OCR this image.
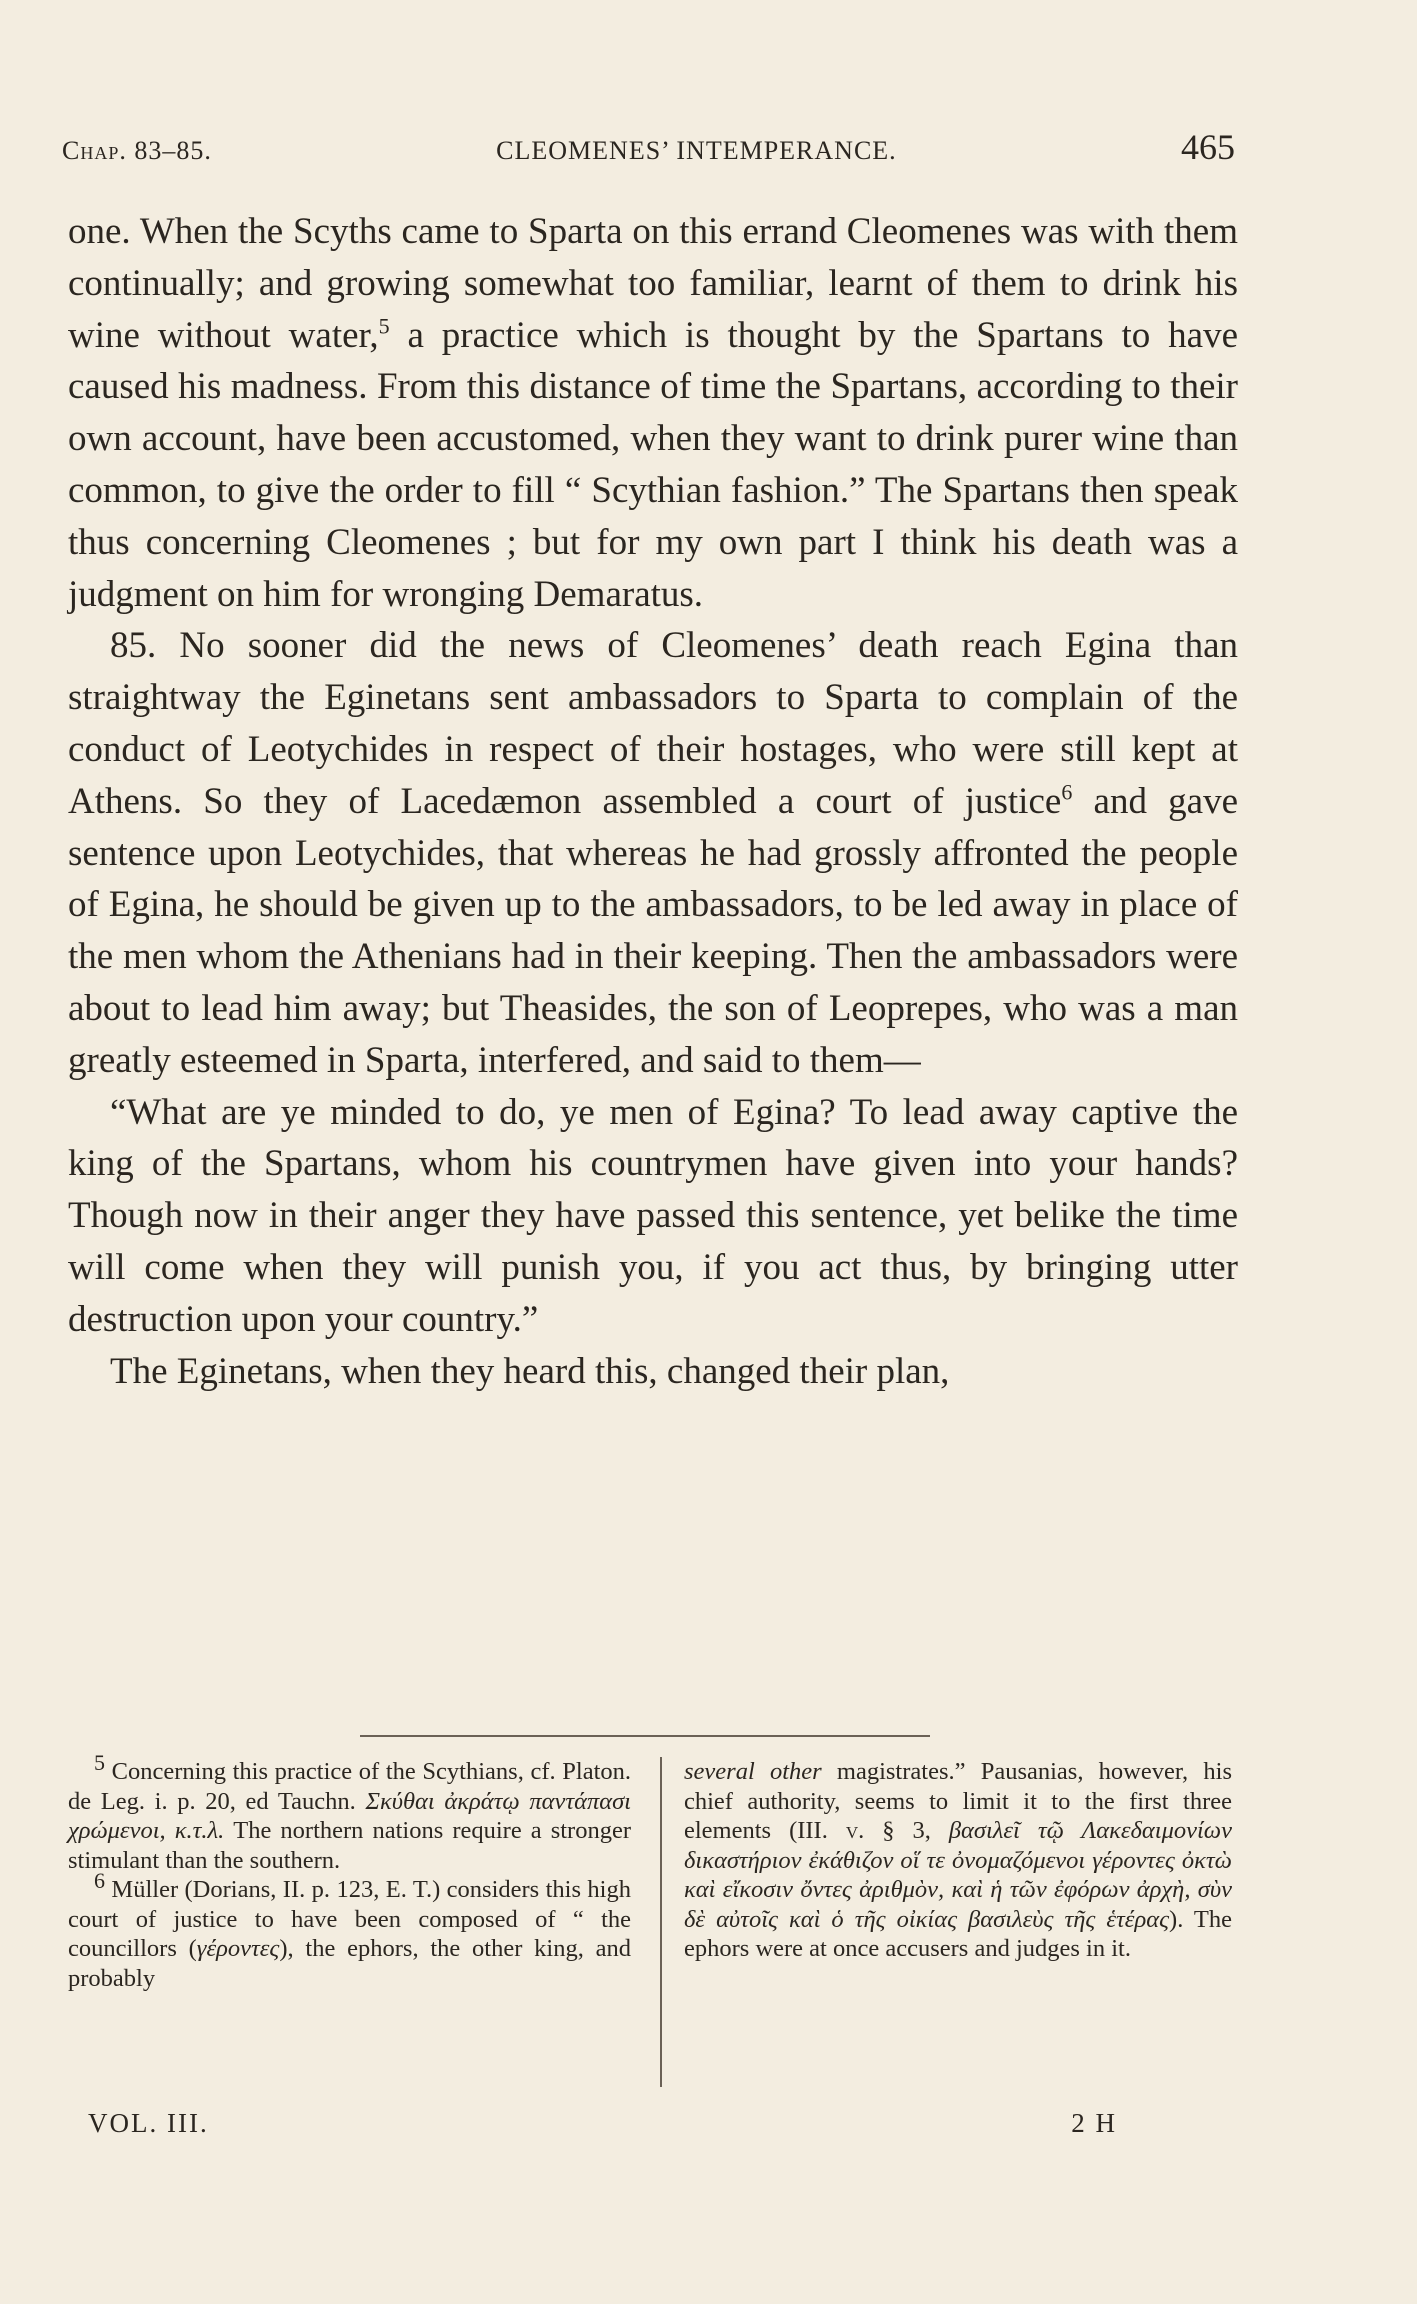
Chap. 83–85.	CLEOMENES’ INTEMPERANCE.	465

one. When the Scyths came to Sparta on this errand Cleomenes was with them continually; and growing somewhat too familiar, learnt of them to drink his wine without water,$^5$ a practice which is thought by the Spartans to have caused his madness. From this distance of time the Spartans, according to their own account, have been accustomed, when they want to drink purer wine than common, to give the order to fill “ Scythian fashion.” The Spartans then speak thus concerning Cleomenes ; but for my own part I think his death was a judgment on him for wronging Demaratus.

85. No sooner did the news of Cleomenes’ death reach Egina than straightway the Eginetans sent ambassadors to Sparta to complain of the conduct of Leotychides in respect of their hostages, who were still kept at Athens. So they of Lacedæmon assembled a court of justice$^6$ and gave sentence upon Leotychides, that whereas he had grossly affronted the people of Egina, he should be given up to the ambassadors, to be led away in place of the men whom the Athenians had in their keeping. Then the ambassadors were about to lead him away; but Theasides, the son of Leoprepes, who was a man greatly esteemed in Sparta, interfered, and said to them—

“What are ye minded to do, ye men of Egina? To lead away captive the king of the Spartans, whom his countrymen have given into your hands? Though now in their anger they have passed this sentence, yet belike the time will come when they will punish you, if you act thus, by bringing utter destruction upon your country.”

The Eginetans, when they heard this, changed their plan,

$^5$ Concerning this practice of the Scythians, cf. Platon. de Leg. i. p. 20, ed Tauchn. Σκύθαι ἀκράτῳ παντάπασι χρώμενοι, κ.τ.λ. The northern nations require a stronger stimulant than the southern.

$^6$ Müller (Dorians, II. p. 123, E. T.) considers this high court of justice to have been composed of “ the councillors (γέροντες), the ephors, the other king, and probably

several other magistrates.” Pausanias, however, his chief authority, seems to limit it to the first three elements (III. v. § 3, βασιλεῖ τῷ Λακεδαιμονίων δικαστήριον ἐκάθιζον οἵ τε ὀνομαζόμενοι γέροντες ὀκτὼ καὶ εἴκοσιν ὄντες ἀριθμὸν, καὶ ἡ τῶν ἐφόρων ἀρχὴ, σὺν δὲ αὐτοῖς καὶ ὁ τῆς οἰκίας βασιλεὺς τῆς ἑτέρας). The ephors were at once accusers and judges in it.

VOL. III.	2 H
